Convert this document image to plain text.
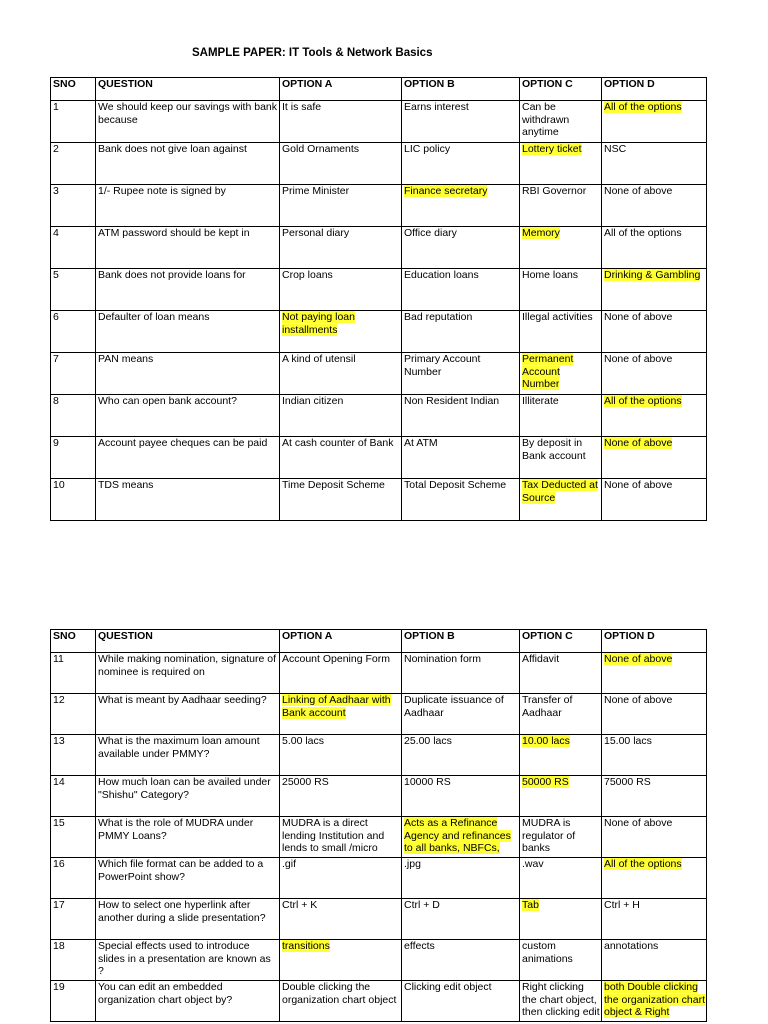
SAMPLE PAPER: IT Tools & Network Basics
SNO	QUESTION	OPTION A	OPTION B	OPTION C	OPTION D
1	We should keep our savings with bank because	It is safe	Earns interest	Can be withdrawn anytime	All of the options
2	Bank does not give loan against	Gold Ornaments	LIC policy	Lottery ticket	NSC
3	1/- Rupee note is signed by	Prime Minister	Finance secretary	RBI Governor	None of above
4	ATM password should be kept in	Personal diary	Office diary	Memory	All of the options
5	Bank does not provide loans for	Crop loans	Education loans	Home loans	Drinking & Gambling
6	Defaulter of loan means	Not paying loan installments	Bad reputation	Illegal activities	None of above
7	PAN means	A kind of utensil	Primary Account Number	Permanent Account Number	None of above
8	Who can open bank account?	Indian citizen	Non Resident Indian	Illiterate	All of the options
9	Account payee cheques can be paid	At cash counter of Bank	At ATM	By deposit in Bank account	None of above
10	TDS means	Time Deposit Scheme	Total Deposit Scheme	Tax Deducted at Source	None of above
SNO	QUESTION	OPTION A	OPTION B	OPTION C	OPTION D
11	While making nomination, signature of nominee is required on	Account Opening Form	Nomination form	Affidavit	None of above
12	What is meant by Aadhaar seeding?	Linking of Aadhaar with Bank account	Duplicate issuance of Aadhaar	Transfer of Aadhaar	None of above
13	What is the maximum loan amount available under PMMY?	5.00 lacs	25.00 lacs	10.00 lacs	15.00 lacs
14	How much loan can be availed under "Shishu" Category?	25000 RS	10000 RS	50000 RS	75000 RS
15	What is the role of MUDRA under PMMY Loans?	MUDRA is a direct lending Institution and lends to small /micro	Acts as a Refinance Agency and refinances to all banks, NBFCs,	MUDRA is regulator of banks	None of above
16	Which file format can be added to a PowerPoint show?	.gif	.jpg	.wav	All of the options
17	How to select one hyperlink after another during a slide presentation?	Ctrl + K	Ctrl + D	Tab	Ctrl + H
18	Special effects used to introduce slides in a presentation are known as ?	transitions	effects	custom animations	annotations
19	You can edit an embedded organization chart object by?	Double clicking the organization chart object	Clicking edit object	Right clicking the chart object, then clicking edit	both Double clicking the organization chart object & Right
